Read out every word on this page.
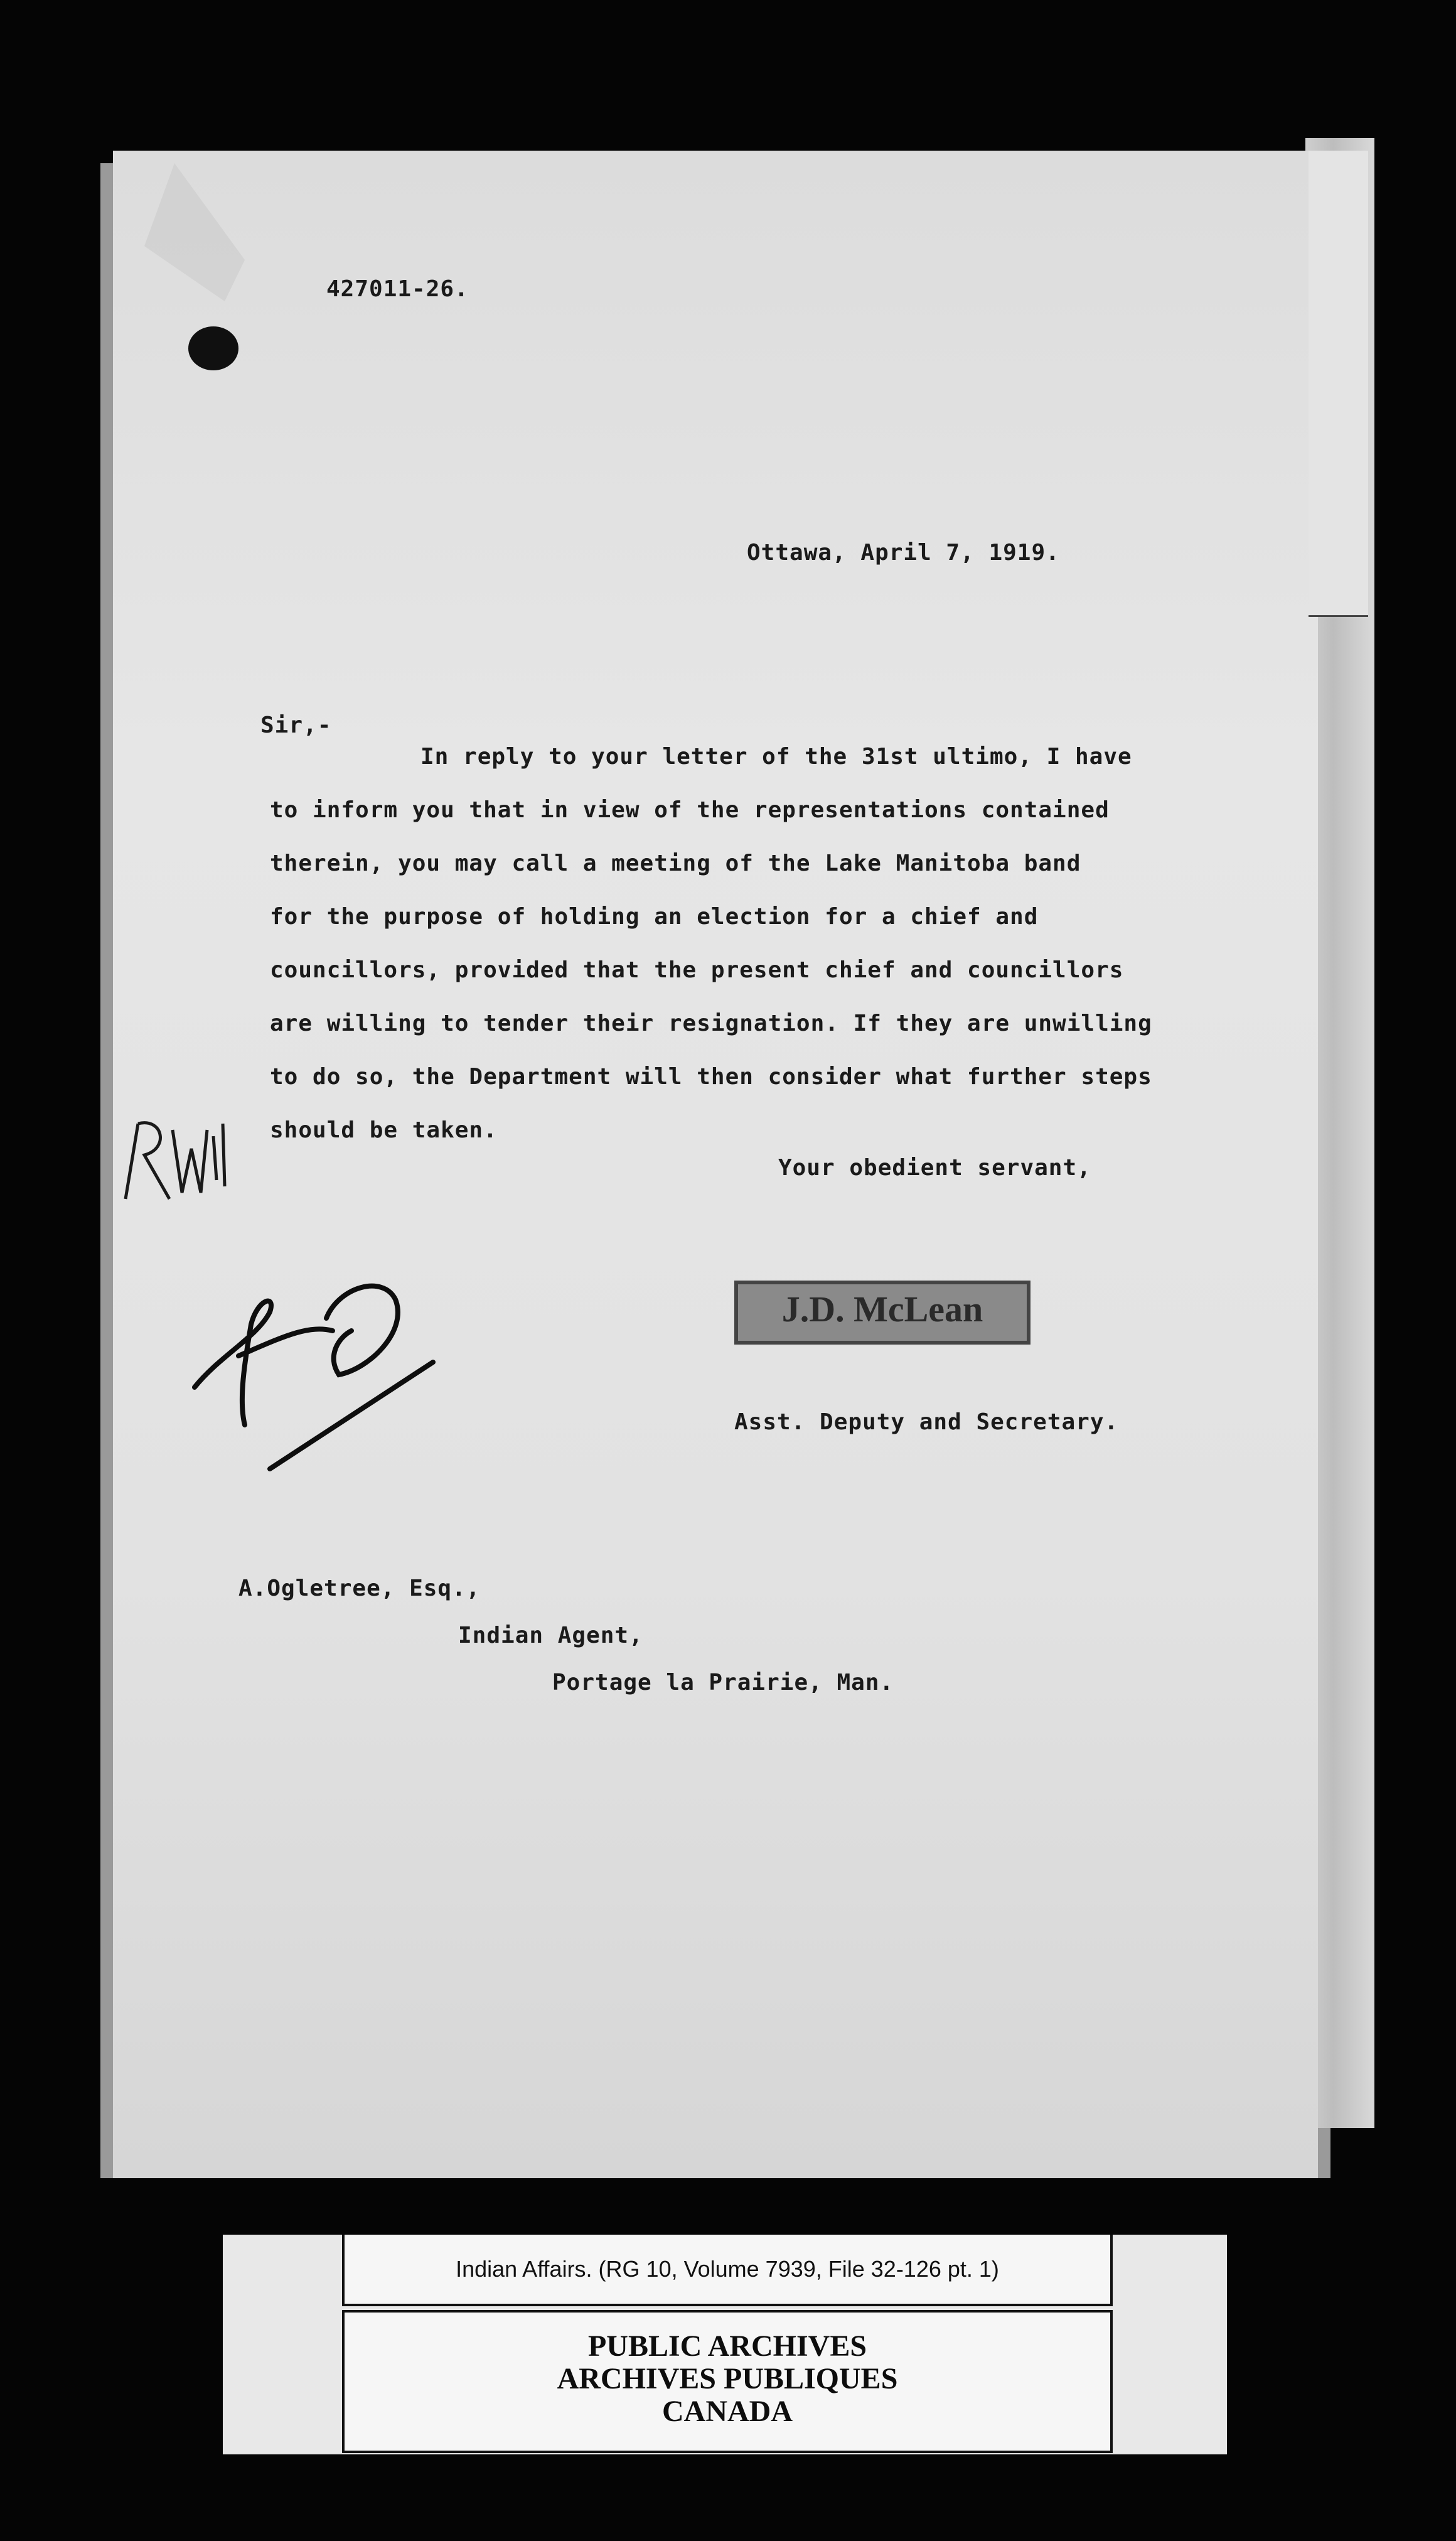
427011-26.
Ottawa, April 7, 1919.
Sir,-
In reply to your letter of the 31st ultimo, I have
to inform you that in view of the representations contained
therein, you may call a meeting of the Lake Manitoba band
for the purpose of holding an election for a chief and
councillors, provided that the present chief and councillors
are willing to tender their resignation. If they are unwilling
to do so, the Department will then consider what further steps
should be taken.
Your obedient servant,
J.D. McLean
Asst. Deputy and Secretary.
A.Ogletree, Esq.,
Indian Agent,
Portage la Prairie, Man.
Indian Affairs. (RG 10, Volume 7939, File 32-126 pt. 1)
PUBLIC ARCHIVES
ARCHIVES PUBLIQUES
CANADA
